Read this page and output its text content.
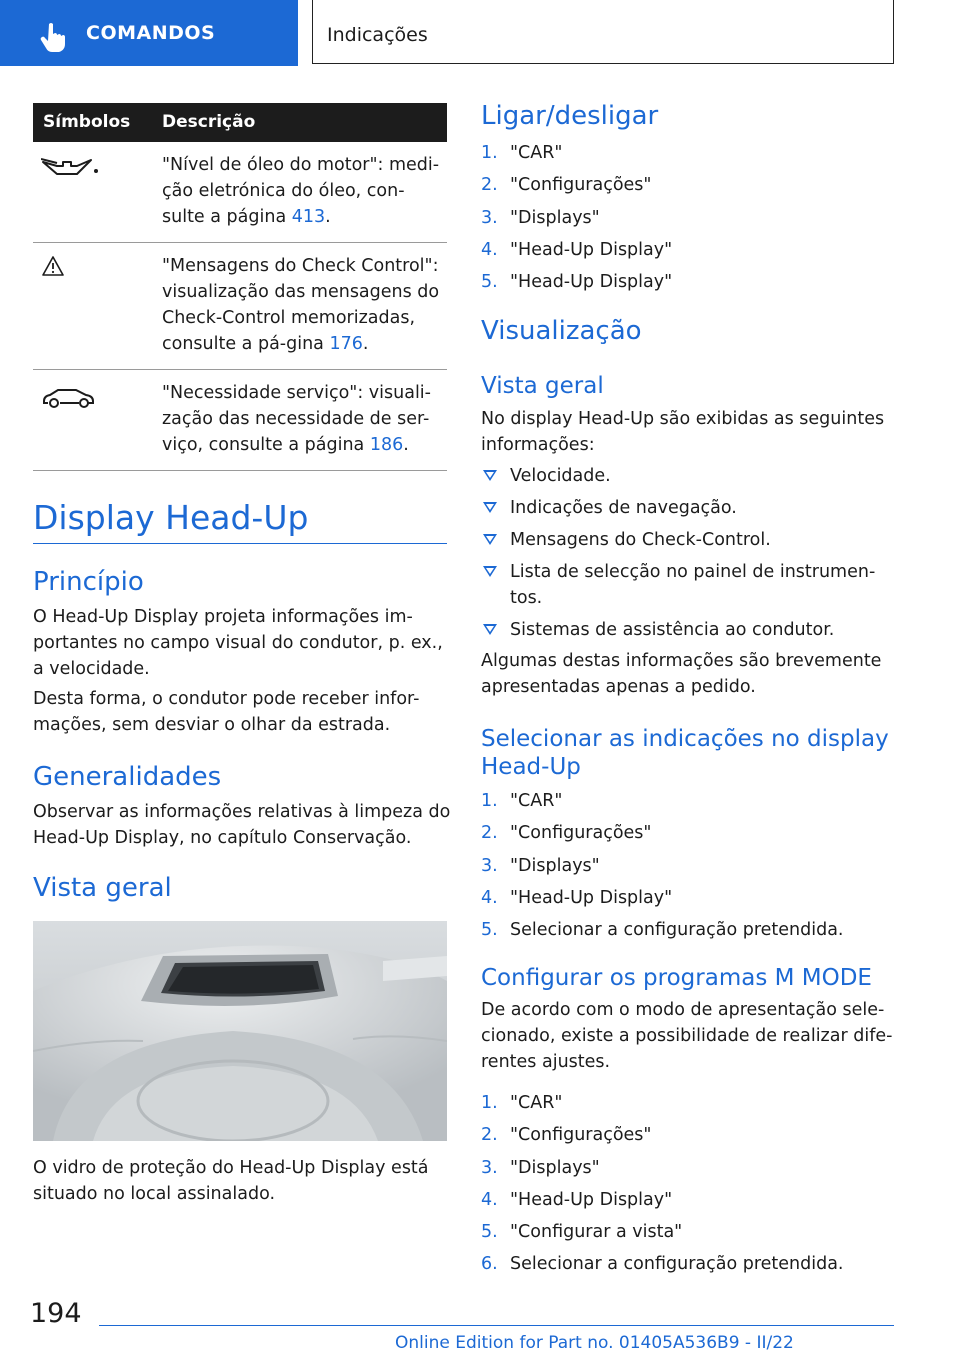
COMANDOS	Indicações
Símbolos Descrição
"Nível de óleo do motor": medi-ção eletrónica do óleo, con-sulte a página 413.
"Mensagens do Check Control": visualização das mensagens do Check-Control memorizadas, consulte a pá-gina 176.
"Necessidade serviço": visuali-zação das necessidade de ser-viço, consulte a página 186.
Display Head-Up
Princípio
O Head-Up Display projeta informações im-portantes no campo visual do condutor, p. ex., a velocidade.
Desta forma, o condutor pode receber infor-mações, sem desviar o olhar da estrada.
Generalidades
Observar as informações relativas à limpeza do Head-Up Display, no capítulo Conservação.
Vista geral
O vidro de proteção do Head-Up Display está situado no local assinalado.
Ligar/desligar
1. "CAR"
2. "Configurações"
3. "Displays"
4. "Head-Up Display"
5. "Head-Up Display"
Visualização
Vista geral
No display Head-Up são exibidas as seguintes informações:
Velocidade.
Indicações de navegação.
Mensagens do Check-Control.
Lista de selecção no painel de instrumen-tos.
Sistemas de assistência ao condutor.
Algumas destas informações são brevemente apresentadas apenas a pedido.
Selecionar as indicações no display Head-Up
1. "CAR"
2. "Configurações"
3. "Displays"
4. "Head-Up Display"
5. Selecionar a configuração pretendida.
Configurar os programas M MODE
De acordo com o modo de apresentação sele-cionado, existe a possibilidade de realizar dife-rentes ajustes.
1. "CAR"
2. "Configurações"
3. "Displays"
4. "Head-Up Display"
5. "Configurar a vista"
6. Selecionar a configuração pretendida.
194
Online Edition for Part no. 01405A536B9 - II/22
